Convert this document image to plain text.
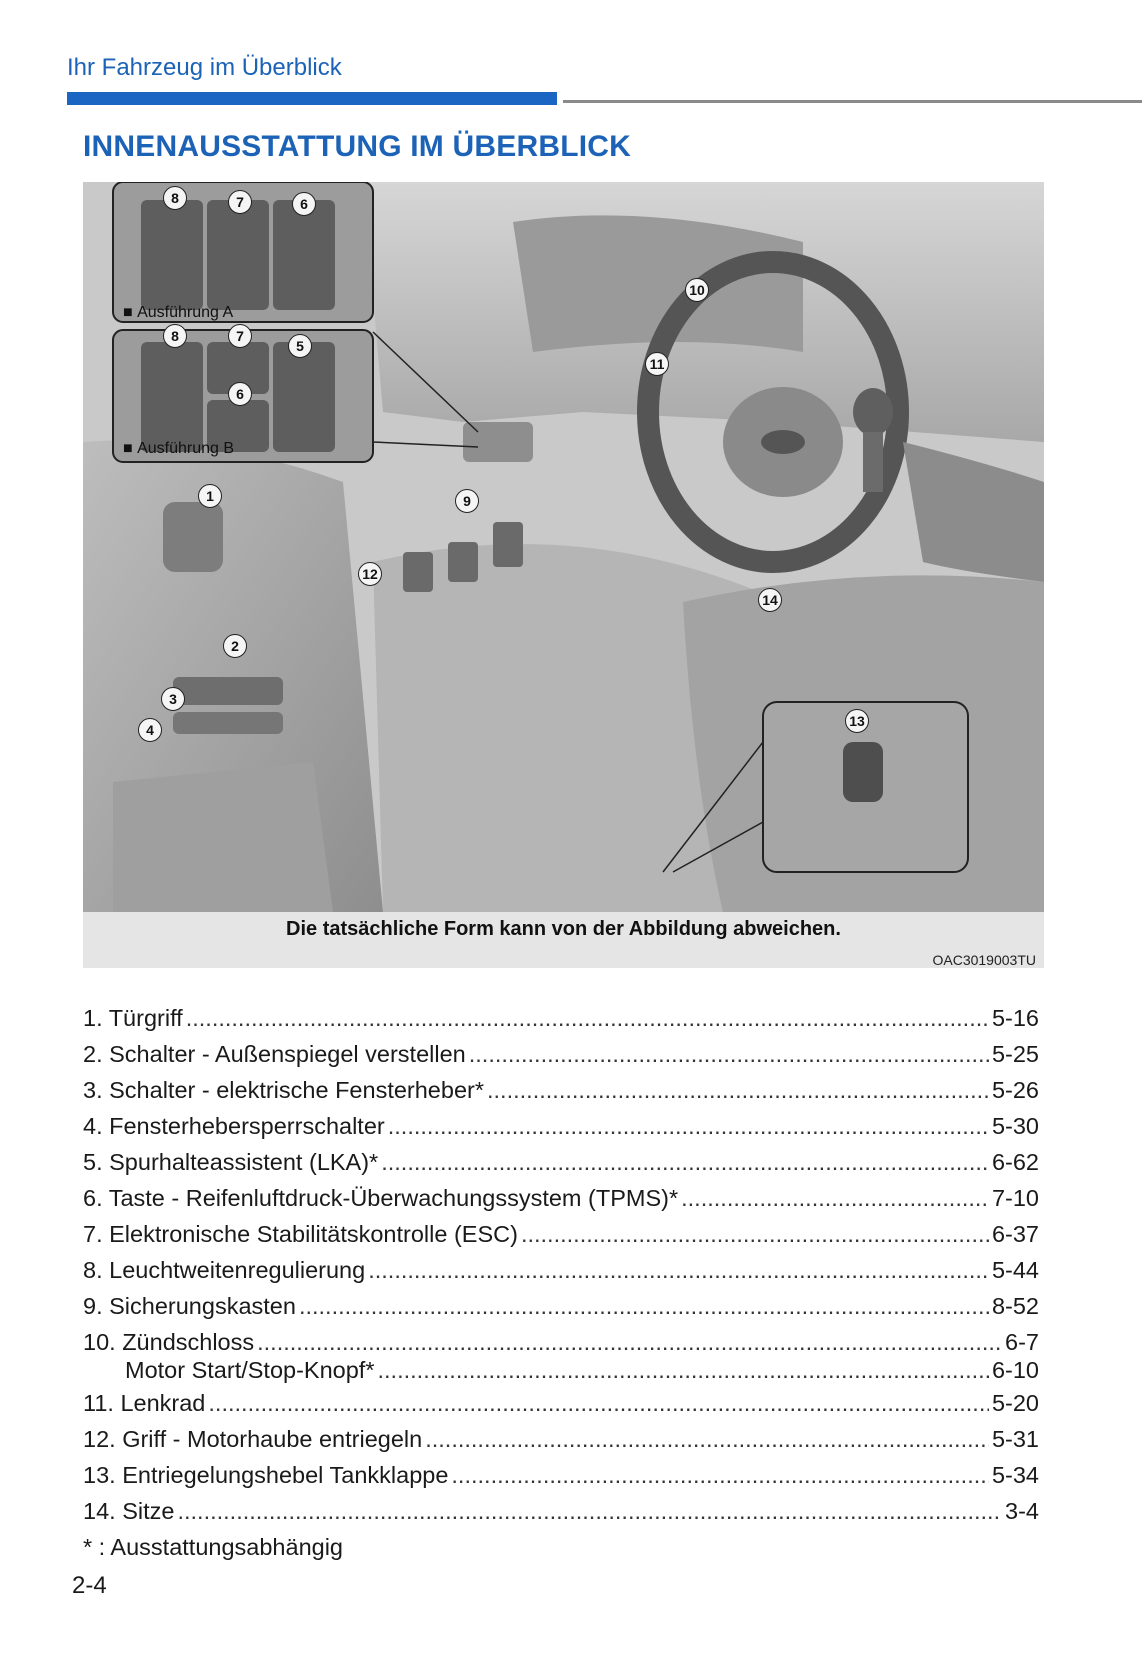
Ihr Fahrzeug im Überblick
INNENAUSSTATTUNG IM ÜBERBLICK
■ Ausführung A
■ Ausführung B
8	7	6
8	7
6
5
1
2
3
4
9
12
10
11
14
13
Die tatsächliche Form kann von der Abbildung abweichen.
OAC3019003TU
1. Türgriff .....	5-16
2. Schalter - Außenspiegel verstellen .....	5-25
3. Schalter - elektrische Fensterheber* .....	5-26
4. Fensterhebersperrschalter .....	5-30
5. Spurhalteassistent (LKA)* .....	6-62
6. Taste - Reifenluftdruck-Überwachungssystem (TPMS)* .....	7-10
7. Elektronische Stabilitätskontrolle (ESC) .....	6-37
8. Leuchtweitenregulierung .....	5-44
9. Sicherungskasten .....	8-52
10. Zündschloss .....	6-7
Motor Start/Stop-Knopf* .....	6-10
11. Lenkrad .....	5-20
12. Griff - Motorhaube entriegeln .....	5-31
13. Entriegelungshebel Tankklappe .....	5-34
14. Sitze .....	3-4
* : Ausstattungsabhängig
2-4
